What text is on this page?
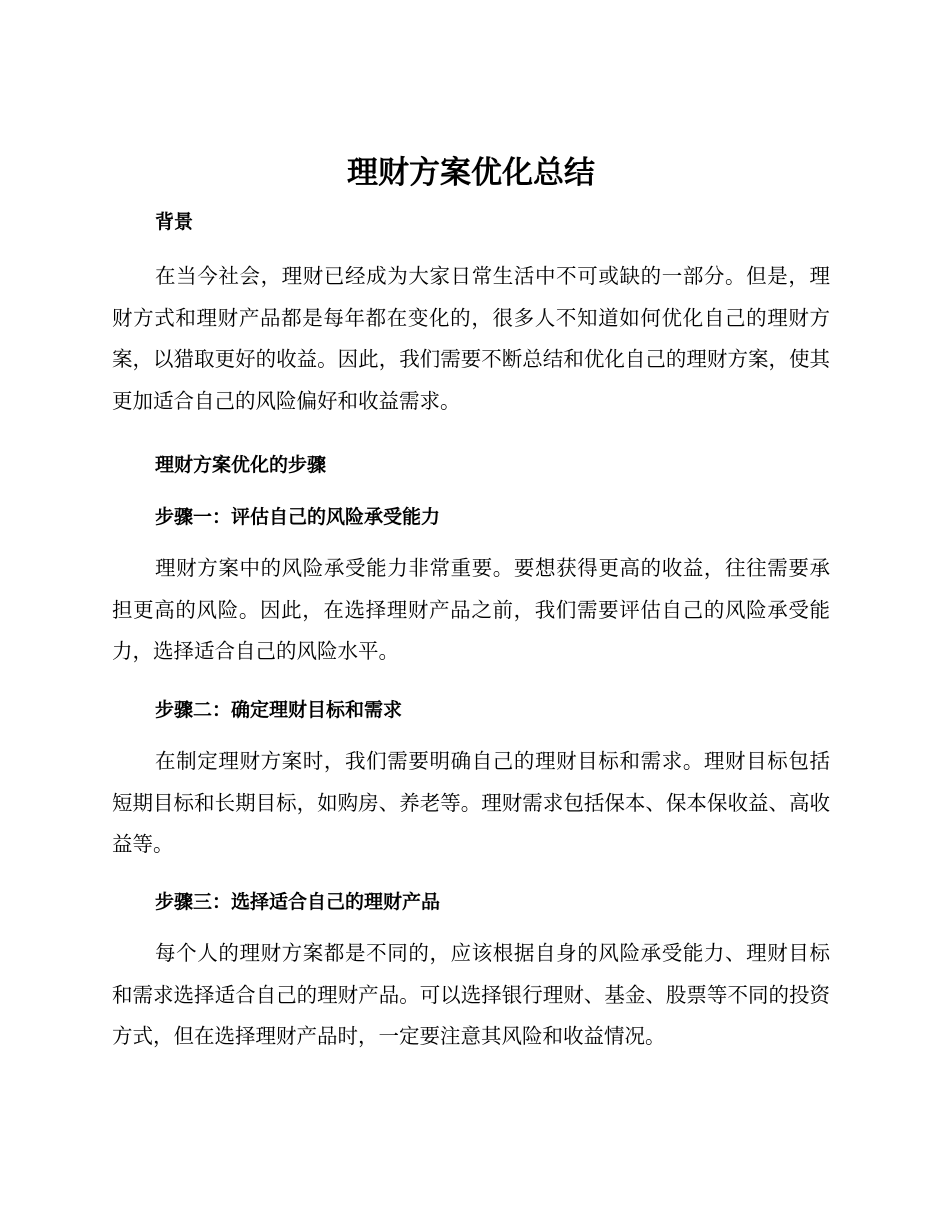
理财方案优化总结
背景

在当今社会，理财已经成为大家日常生活中不可或缺的一部分。但是，理财方式和理财产品都是每年都在变化的，很多人不知道如何优化自己的理财方案，以猎取更好的收益。因此，我们需要不断总结和优化自己的理财方案，使其更加适合自己的风险偏好和收益需求。

理财方案优化的步骤
步骤一：评估自己的风险承受能力

理财方案中的风险承受能力非常重要。要想获得更高的收益，往往需要承担更高的风险。因此，在选择理财产品之前，我们需要评估自己的风险承受能力，选择适合自己的风险水平。

步骤二：确定理财目标和需求

在制定理财方案时，我们需要明确自己的理财目标和需求。理财目标包括短期目标和长期目标，如购房、养老等。理财需求包括保本、保本保收益、高收益等。

步骤三：选择适合自己的理财产品

每个人的理财方案都是不同的，应该根据自身的风险承受能力、理财目标和需求选择适合自己的理财产品。可以选择银行理财、基金、股票等不同的投资方式，但在选择理财产品时，一定要注意其风险和收益情况。
